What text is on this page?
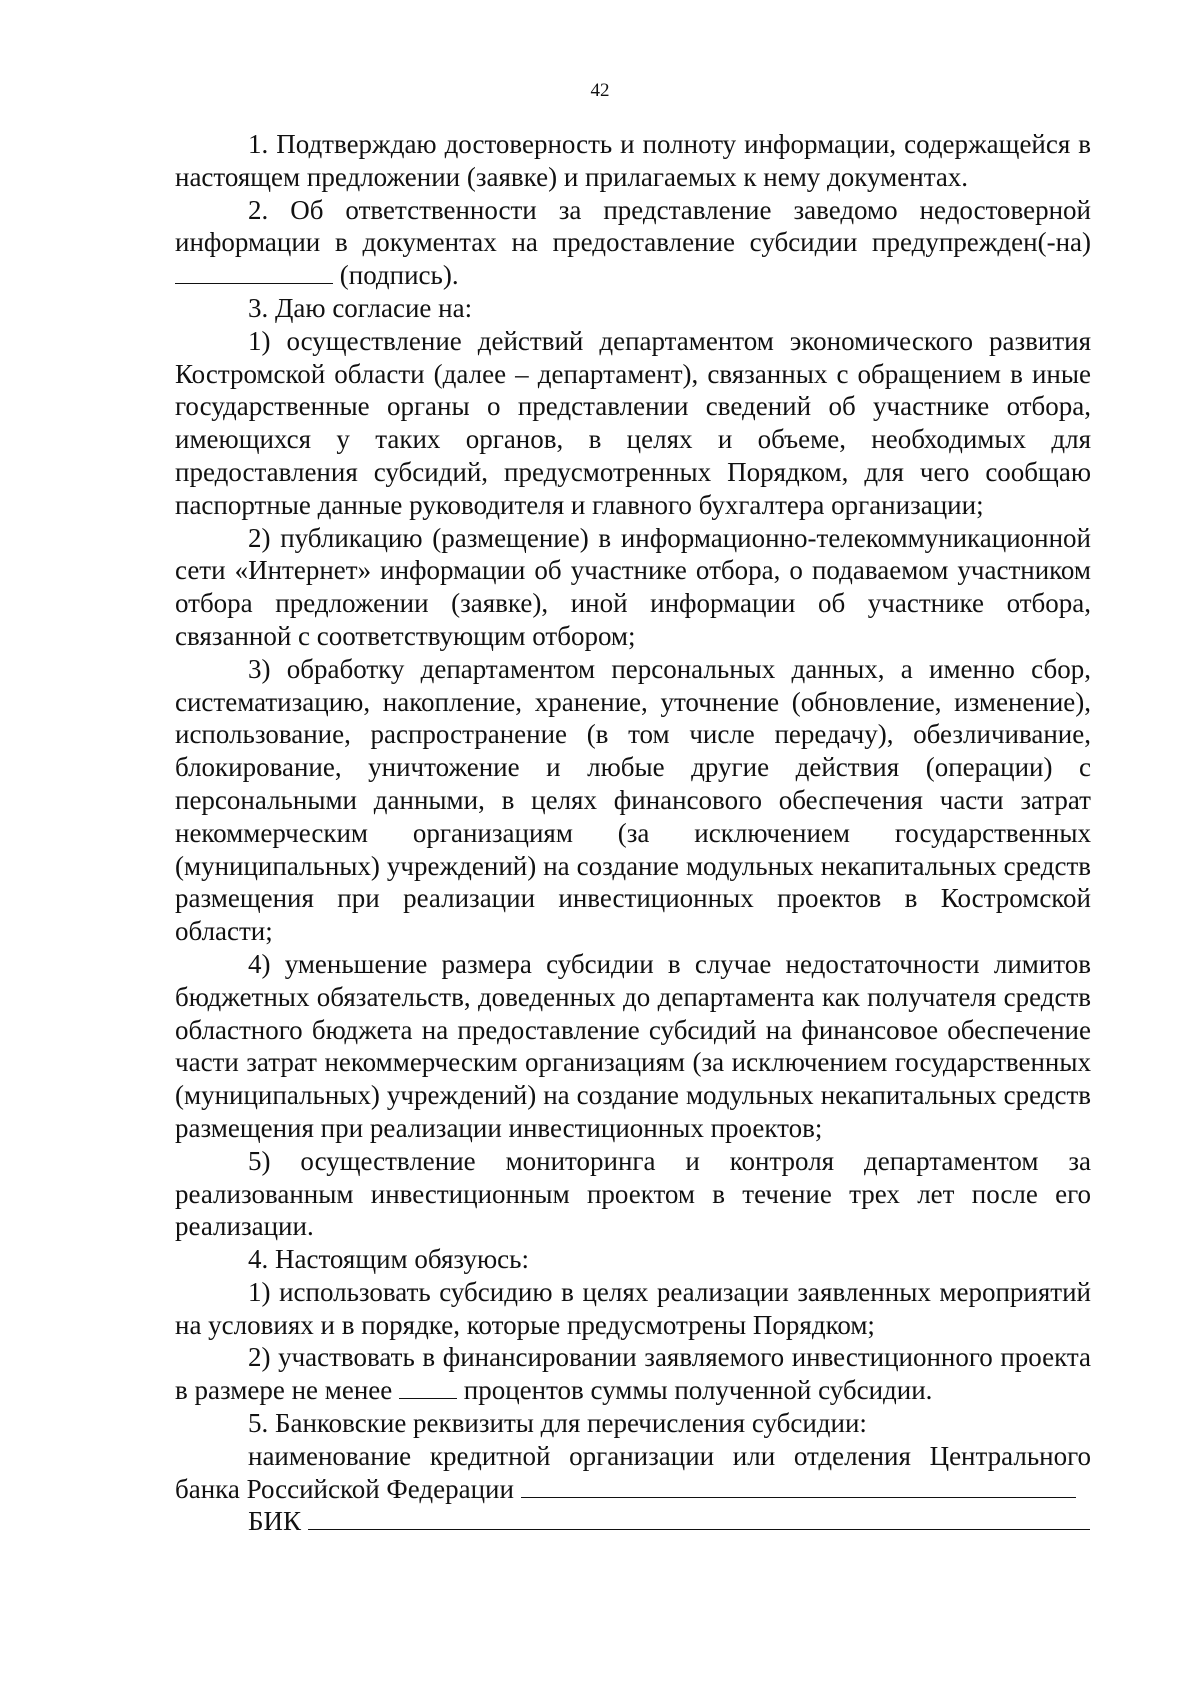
42

1. Подтверждаю достоверность и полноту информации, содержащейся в настоящем предложении (заявке) и прилагаемых к нему документах.

2. Об ответственности за представление заведомо недостоверной информации в документах на предоставление субсидии предупрежден(-на)  (подпись).

3. Даю согласие на:

1) осуществление действий департаментом экономического развития Костромской области (далее – департамент), связанных с обращением в иные государственные органы о представлении сведений об участнике отбора, имеющихся у таких органов, в целях и объеме, необходимых для предоставления субсидий, предусмотренных Порядком, для чего сообщаю паспортные данные руководителя и главного бухгалтера организации;

2) публикацию (размещение) в информационно-телекоммуникационной сети «Интернет» информации об участнике отбора, о подаваемом участником отбора предложении (заявке), иной информации об участнике отбора, связанной с соответствующим отбором;

3) обработку департаментом персональных данных, а именно сбор, систематизацию, накопление, хранение, уточнение (обновление, изменение), использование, распространение (в том числе передачу), обезличивание, блокирование, уничтожение и любые другие действия (операции) с персональными данными, в целях финансового обеспечения части затрат некоммерческим организациям (за исключением государственных (муниципальных) учреждений) на создание модульных некапитальных средств размещения при реализации инвестиционных проектов в Костромской области;

4) уменьшение размера субсидии в случае недостаточности лимитов бюджетных обязательств, доведенных до департамента как получателя средств областного бюджета на предоставление субсидий на финансовое обеспечение части затрат некоммерческим организациям (за исключением государственных (муниципальных) учреждений) на создание модульных некапитальных средств размещения при реализации инвестиционных проектов;

5) осуществление мониторинга и контроля департаментом за реализованным инвестиционным проектом в течение трех лет после его реализации.

4. Настоящим обязуюсь:

1) использовать субсидию в целях реализации заявленных мероприятий на условиях и в порядке, которые предусмотрены Порядком;

2) участвовать в финансировании заявляемого инвестиционного проекта в размере не менее  процентов суммы полученной субсидии.

5. Банковские реквизиты для перечисления субсидии:

наименование кредитной организации или отделения Центрального банка Российской Федерации

БИК
